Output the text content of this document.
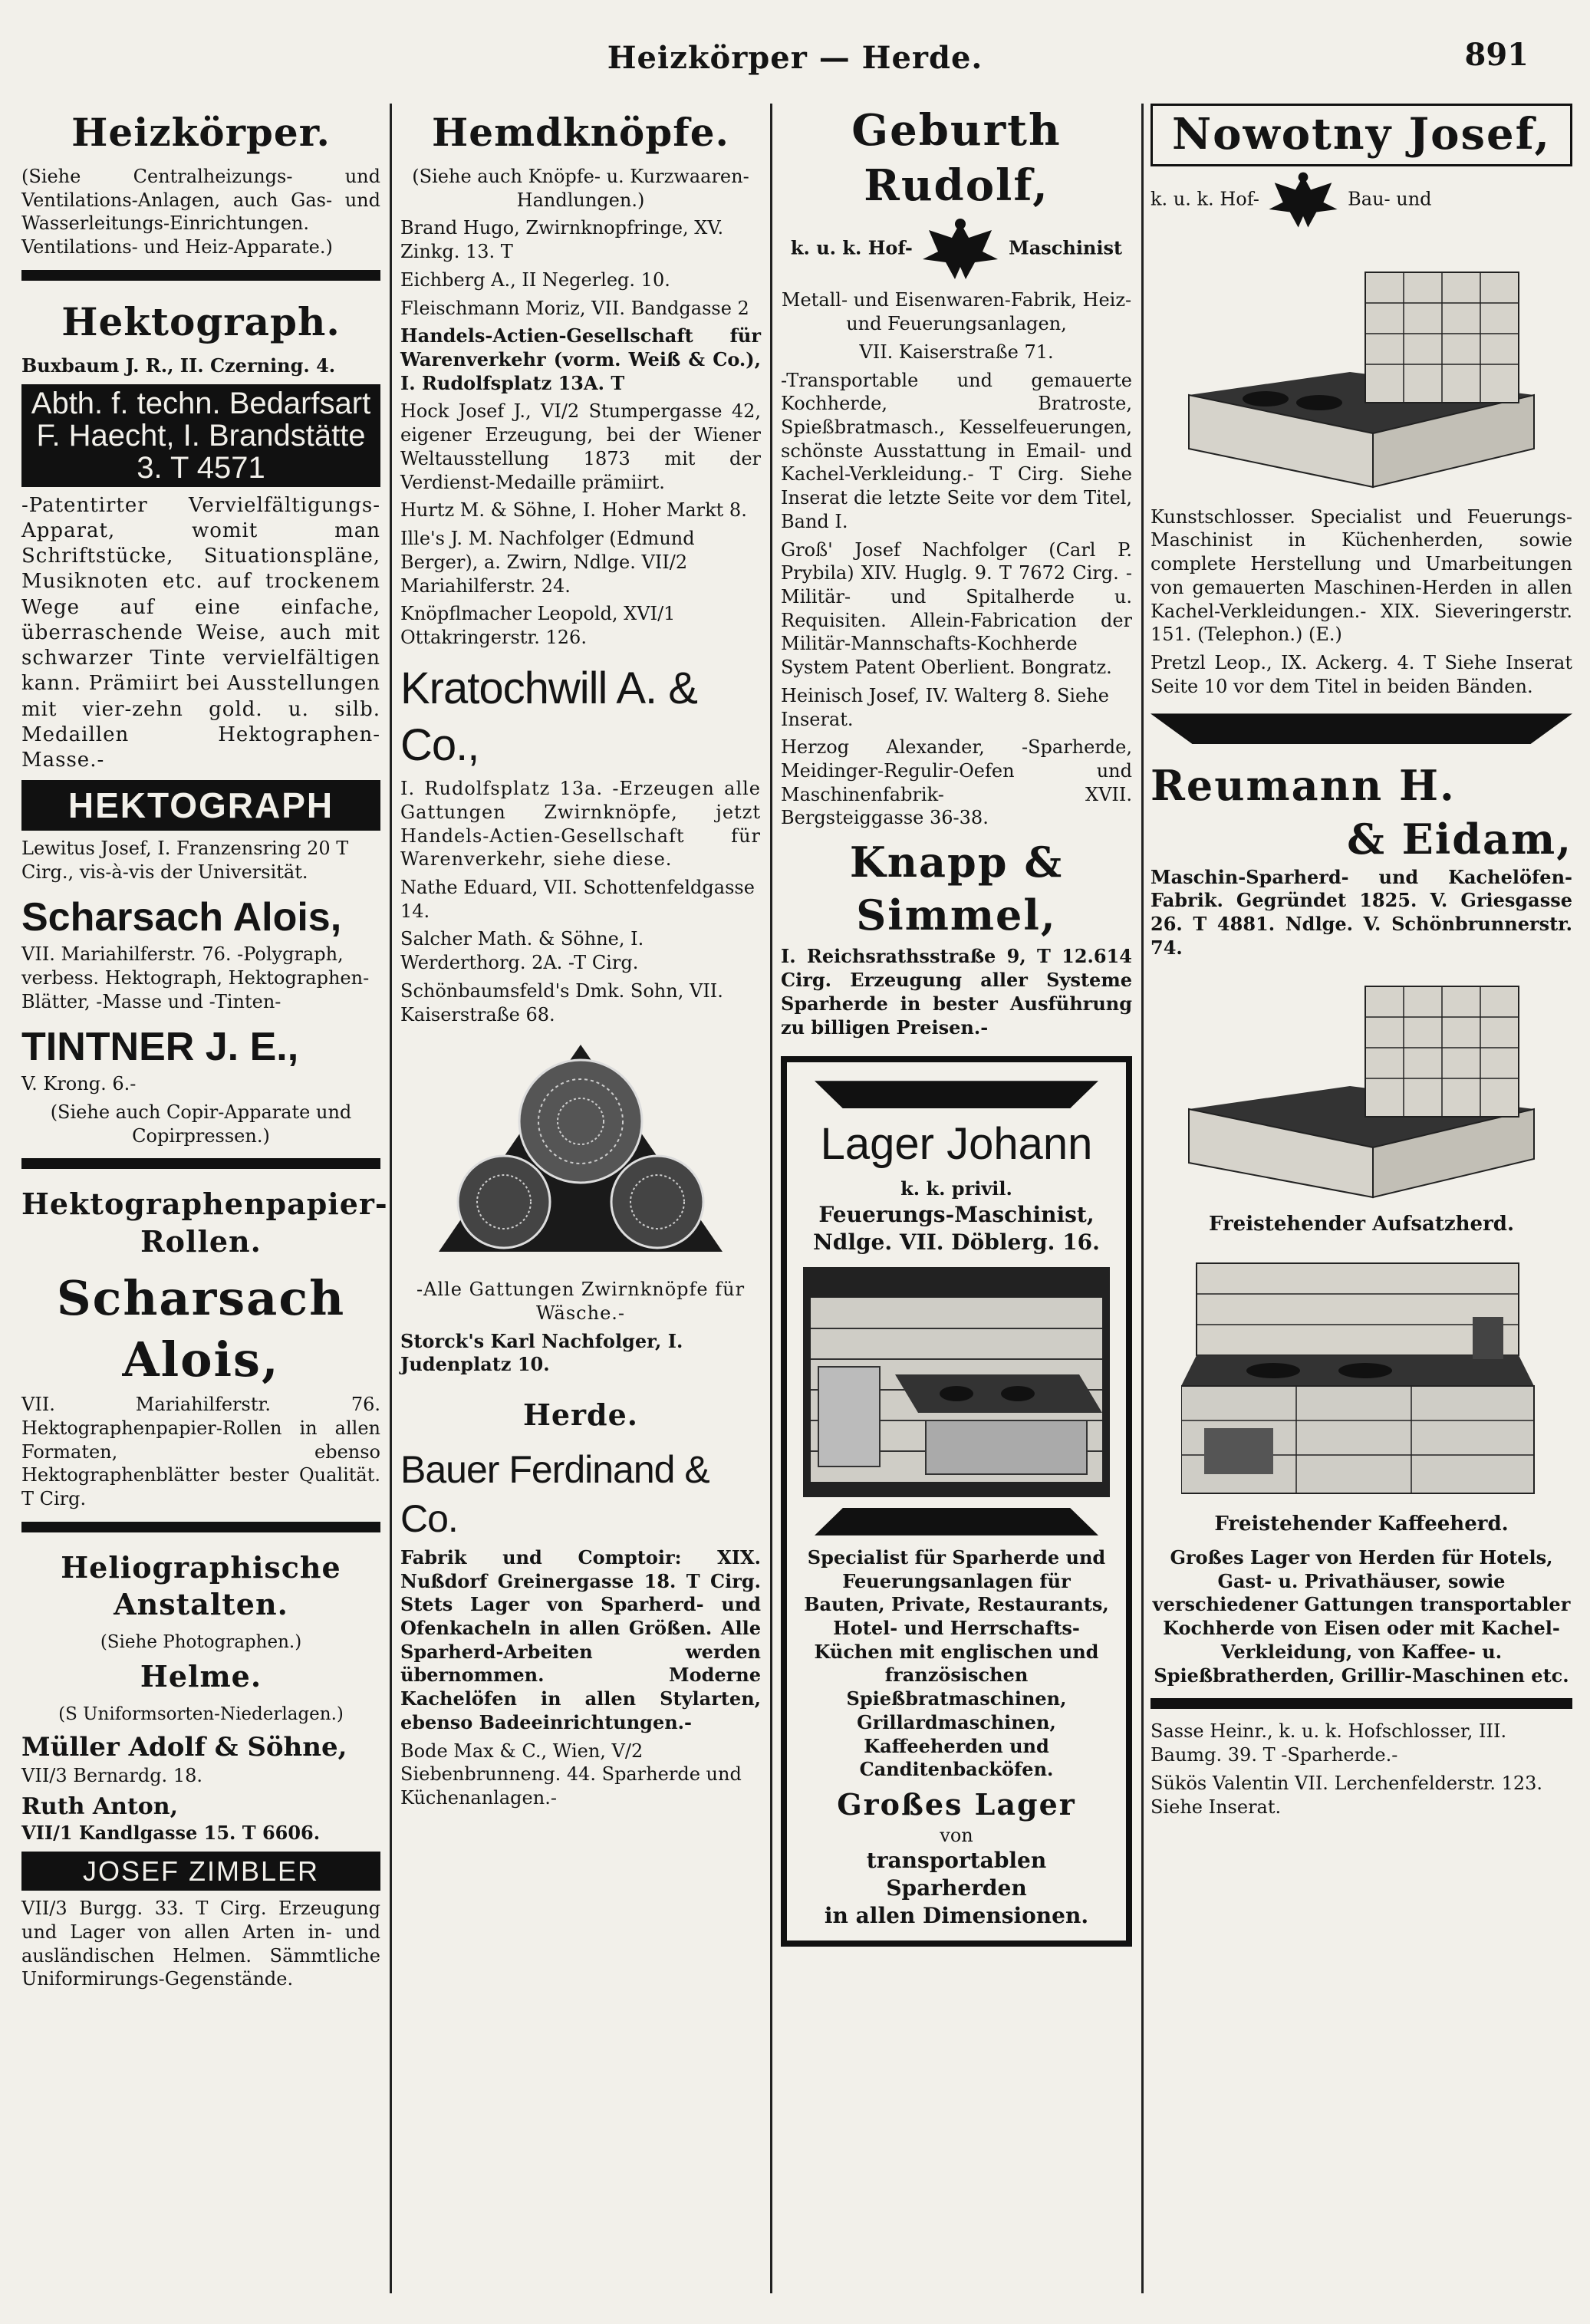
Heizkörper — Herde.	891
Heizkörper.

(Siehe Centralheizungs- und Ventilations-Anlagen, auch Gas- und Wasserleitungs-Einrichtungen. Ventilations- und Heiz-Apparate.)

Hektograph.

Buxbaum J. R., II. Czerning. 4.

Abth. f. techn. Bedarfsart
F. Haecht, I. Brandstätte 3. T 4571

-Patentirter Vervielfältigungs-Apparat, womit man Schriftstücke, Situationspläne, Musiknoten etc. auf trockenem Wege auf eine einfache, überraschende Weise, auch mit schwarzer Tinte vervielfältigen kann. Prämiirt bei Ausstellungen mit vier-zehn gold. u. silb. Medaillen Hektographen-Masse.-

HEKTOGRAPH

Lewitus Josef, I. Franzensring 20 T Cirg., vis-à-vis der Universität.

Scharsach Alois,

VII. Mariahilferstr. 76. -Polygraph, verbess. Hektograph, Hektographen-Blätter, -Masse und -Tinten-

TINTNER J. E.,

V. Krong. 6.-

(Siehe auch Copir-Apparate und Copirpressen.)

Hektographenpapier-Rollen.
Scharsach Alois,

VII. Mariahilferstr. 76. Hektographenpapier-Rollen in allen Formaten, ebenso Hektographenblätter bester Qualität. T Cirg.

Heliographische Anstalten.

(Siehe Photographen.)

Helme.

(S Uniformsorten-Niederlagen.)

Müller Adolf & Söhne,

VII/3 Bernardg. 18.

Ruth Anton,

VII/1 Kandlgasse 15. T 6606.

JOSEF ZIMBLER

VII/3 Burgg. 33. T Cirg. Erzeugung und Lager von allen Arten in- und ausländischen Helmen. Sämmtliche Uniformirungs-Gegenstände.

Hemdknöpfe.

(Siehe auch Knöpfe- u. Kurzwaaren-Handlungen.)

Brand Hugo, Zwirnknopfringe, XV. Zinkg. 13. T

Eichberg A., II Negerleg. 10.

Fleischmann Moriz, VII. Bandgasse 2

Handels-Actien-Gesellschaft für Warenverkehr (vorm. Weiß & Co.), I. Rudolfsplatz 13A. T

Hock Josef J., VI/2 Stumpergasse 42, eigener Erzeugung, bei der Wiener Weltausstellung 1873 mit der Verdienst-Medaille prämiirt.

Hurtz M. & Söhne, I. Hoher Markt 8.

Ille's J. M. Nachfolger (Edmund Berger), a. Zwirn, Ndlge. VII/2 Mariahilferstr. 24.

Knöpflmacher Leopold, XVI/1 Ottakringerstr. 126.

Kratochwill A. & Co.,

I. Rudolfsplatz 13a. -Erzeugen alle Gattungen Zwirnknöpfe, jetzt Handels-Actien-Gesellschaft für Warenverkehr, siehe diese.

Nathe Eduard, VII. Schottenfeldgasse 14.

Salcher Math. & Söhne, I. Werderthorg. 2A. -T Cirg.

Schönbaumsfeld's Dmk. Sohn, VII. Kaiserstraße 68.

-Alle Gattungen Zwirnknöpfe für Wäsche.-

Storck's Karl Nachfolger, I. Judenplatz 10.

Herde.
Bauer Ferdinand & Co.

Fabrik und Comptoir: XIX. Nußdorf Greinergasse 18. T Cirg. Stets Lager von Sparherd- und Ofenkacheln in allen Größen. Alle Sparherd-Arbeiten werden übernommen. Moderne Kachelöfen in allen Stylarten, ebenso Badeeinrichtungen.-

Bode Max & C., Wien, V/2 Siebenbrunneng. 44. Sparherde und Küchenanlagen.-

Geburth Rudolf,
k. u. k. Hof-	Maschinist

Metall- und Eisenwaren-Fabrik, Heiz- und Feuerungsanlagen,

VII. Kaiserstraße 71.

-Transportable und gemauerte Kochherde, Bratroste, Spießbratmasch., Kesselfeuerungen, schönste Ausstattung in Email- und Kachel-Verkleidung.- T Cirg. Siehe Inserat die letzte Seite vor dem Titel, Band I.

Groß' Josef Nachfolger (Carl P. Prybila) XIV. Huglg. 9. T 7672 Cirg. -Militär- und Spitalherde u. Requisiten. Allein-Fabrication der Militär-Mannschafts-Kochherde System Patent Oberlient. Bongratz.

Heinisch Josef, IV. Walterg 8. Siehe Inserat.

Herzog Alexander, -Sparherde, Meidinger-Regulir-Oefen und Maschinenfabrik- XVII. Bergsteiggasse 36-38.

Knapp & Simmel,

I. Reichsrathsstraße 9, T 12.614 Cirg. Erzeugung aller Systeme Sparherde in bester Ausführung zu billigen Preisen.-

Lager Johann
k. k. privil.
Feuerungs-Maschinist,
Ndlge. VII. Döblerg. 16.

Specialist für Sparherde und Feuerungsanlagen für Bauten, Private, Restaurants, Hotel- und Herrschafts-Küchen mit englischen und französischen Spießbratmaschinen, Grillardmaschinen, Kaffeeherden und Canditenbacköfen.

Großes Lager
von
transportablen Sparherden
in allen Dimensionen.
Nowotny Josef,
k. u. k. Hof-	Bau- und

Kunstschlosser. Specialist und Feuerungs-Maschinist in Küchenherden, sowie complete Herstellung und Umarbeitungen von gemauerten Maschinen-Herden in allen Kachel-Verkleidungen.- XIX. Sieveringerstr. 151. (Telephon.) (E.)

Pretzl Leop., IX. Ackerg. 4. T Siehe Inserat Seite 10 vor dem Titel in beiden Bänden.

Reumann H.
& Eidam,

Maschin-Sparherd- und Kachelöfen-Fabrik. Gegründet 1825. V. Griesgasse 26. T 4881. Ndlge. V. Schönbrunnerstr. 74.

Freistehender Aufsatzherd.
Freistehender Kaffeeherd.

Großes Lager von Herden für Hotels, Gast- u. Privathäuser, sowie verschiedener Gattungen transportabler Kochherde von Eisen oder mit Kachel-Verkleidung, von Kaffee- u. Spießbratherden, Grillir-Maschinen etc.

Sasse Heinr., k. u. k. Hofschlosser, III. Baumg. 39. T -Sparherde.-

Sükös Valentin VII. Lerchenfelderstr. 123. Siehe Inserat.
